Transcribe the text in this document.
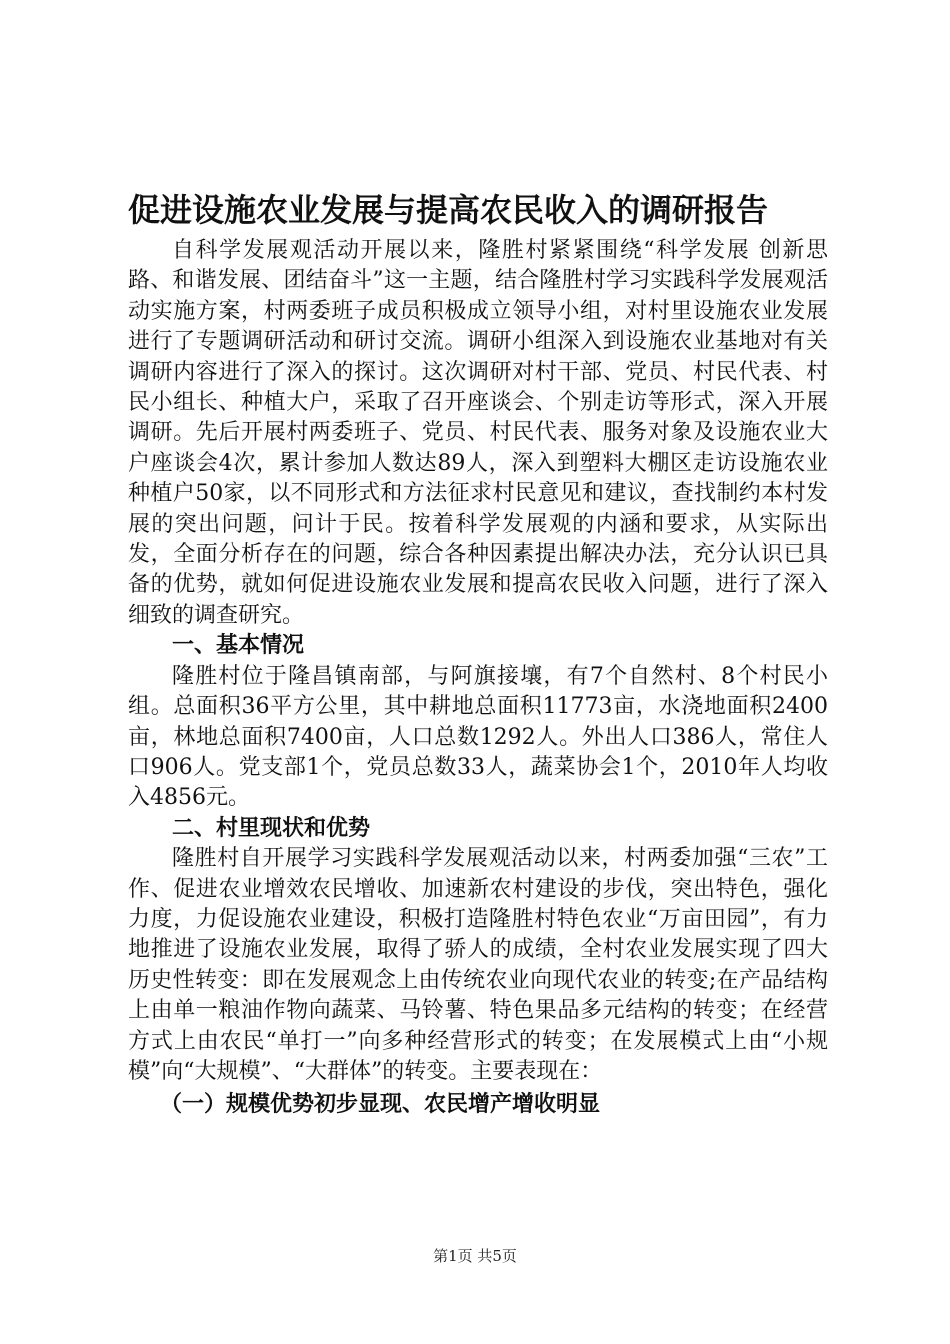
促进设施农业发展与提高农民收入的调研报告

自科学发展观活动开展以来，隆胜村紧紧围绕“科学发展 创新思路、和谐发展、团结奋斗”这一主题，结合隆胜村学习实践科学发展观活动实施方案，村两委班子成员积极成立领导小组，对村里设施农业发展进行了专题调研活动和研讨交流。调研小组深入到设施农业基地对有关调研内容进行了深入的探讨。这次调研对村干部、党员、村民代表、村民小组长、种植大户，采取了召开座谈会、个别走访等形式，深入开展调研。先后开展村两委班子、党员、村民代表、服务对象及设施农业大户座谈会4次，累计参加人数达89人，深入到塑料大棚区走访设施农业种植户50家，以不同形式和方法征求村民意见和建议，查找制约本村发展的突出问题，问计于民。按着科学发展观的内涵和要求，从实际出发，全面分析存在的问题，综合各种因素提出解决办法，充分认识已具备的优势，就如何促进设施农业发展和提高农民收入问题，进行了深入细致的调查研究。

一、基本情况

隆胜村位于隆昌镇南部，与阿旗接壤，有7个自然村、8个村民小组。总面积36平方公里，其中耕地总面积11773亩，水浇地面积2400亩，林地总面积7400亩，人口总数1292人。外出人口386人，常住人口906人。党支部1个，党员总数33人，蔬菜协会1个，2010年人均收入4856元。

二、村里现状和优势

隆胜村自开展学习实践科学发展观活动以来，村两委加强“三农”工作、促进农业增效农民增收、加速新农村建设的步伐，突出特色，强化力度，力促设施农业建设，积极打造隆胜村特色农业“万亩田园”，有力地推进了设施农业发展，取得了骄人的成绩，全村农业发展实现了四大历史性转变：即在发展观念上由传统农业向现代农业的转变;在产品结构上由单一粮油作物向蔬菜、马铃薯、特色果品多元结构的转变；在经营方式上由农民“单打一”向多种经营形式的转变；在发展模式上由“小规模”向“大规模”、“大群体”的转变。主要表现在：

（一）规模优势初步显现、农民增产增收明显

第1页 共5页
